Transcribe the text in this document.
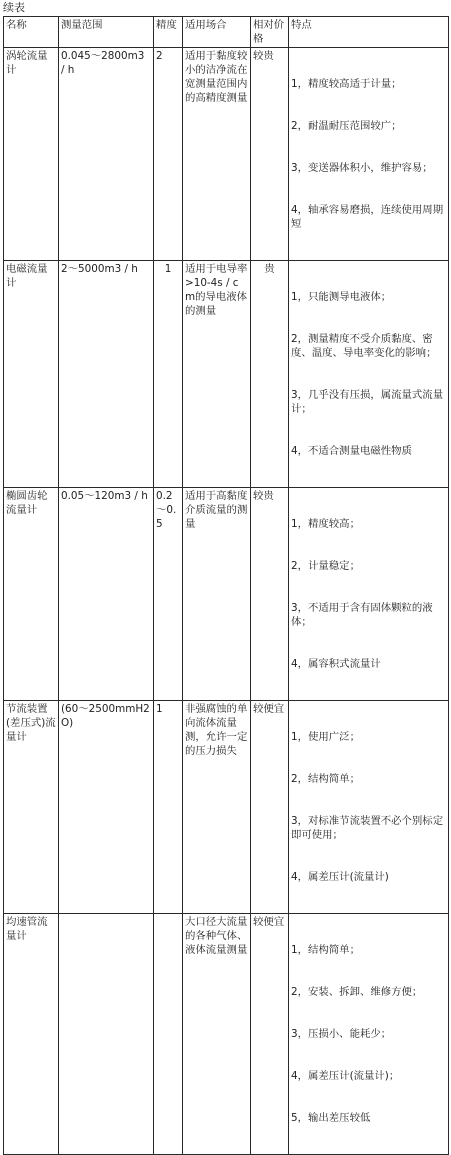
续表
名称	测量范围	精度	适用场合	相对价格	特点
涡轮流量计	0.045～2800m3 / h	2	适用于黏度较小的洁净流在宽测量范围内的高精度测量	较贵	1，精度较高适于计量；

2，耐温耐压范围较广；

3，变送器体积小，维护容易；

4，轴承容易磨损，连续使用周期短

电磁流量计	2～5000m3 / h	1	适用于电导率>10-4s / cm的导电液体的测量	贵	1，只能测导电液体；

2，测量精度不受介质黏度、密度、温度、导电率变化的影响；

3，几乎没有压损，属流量式流量计；

4，不适合测量电磁性物质

椭圆齿轮流量计	0.05～120m3 / h	0.2～0.5	适用于高黏度介质流量的测量	较贵	1，精度较高；

2，计量稳定；

3，不适用于含有固体颗粒的液体；

4，属容积式流量计

节流装置(差压式)流量计	(60～2500mmH2O)	1	非强腐蚀的单向流体流量测，允许一定的压力损失	较便宜	1，使用广泛；

2，结构简单；

3，对标准节流装置不必个别标定即可使用；

4，属差压计(流量计)

均速管流量计			大口径大流量的各种气体、液体流量测量	较便宜	1，结构简单；

2，安装、拆卸、维修方便；

3，压损小、能耗少；

4，属差压计(流量计)；

5，输出差压较低
